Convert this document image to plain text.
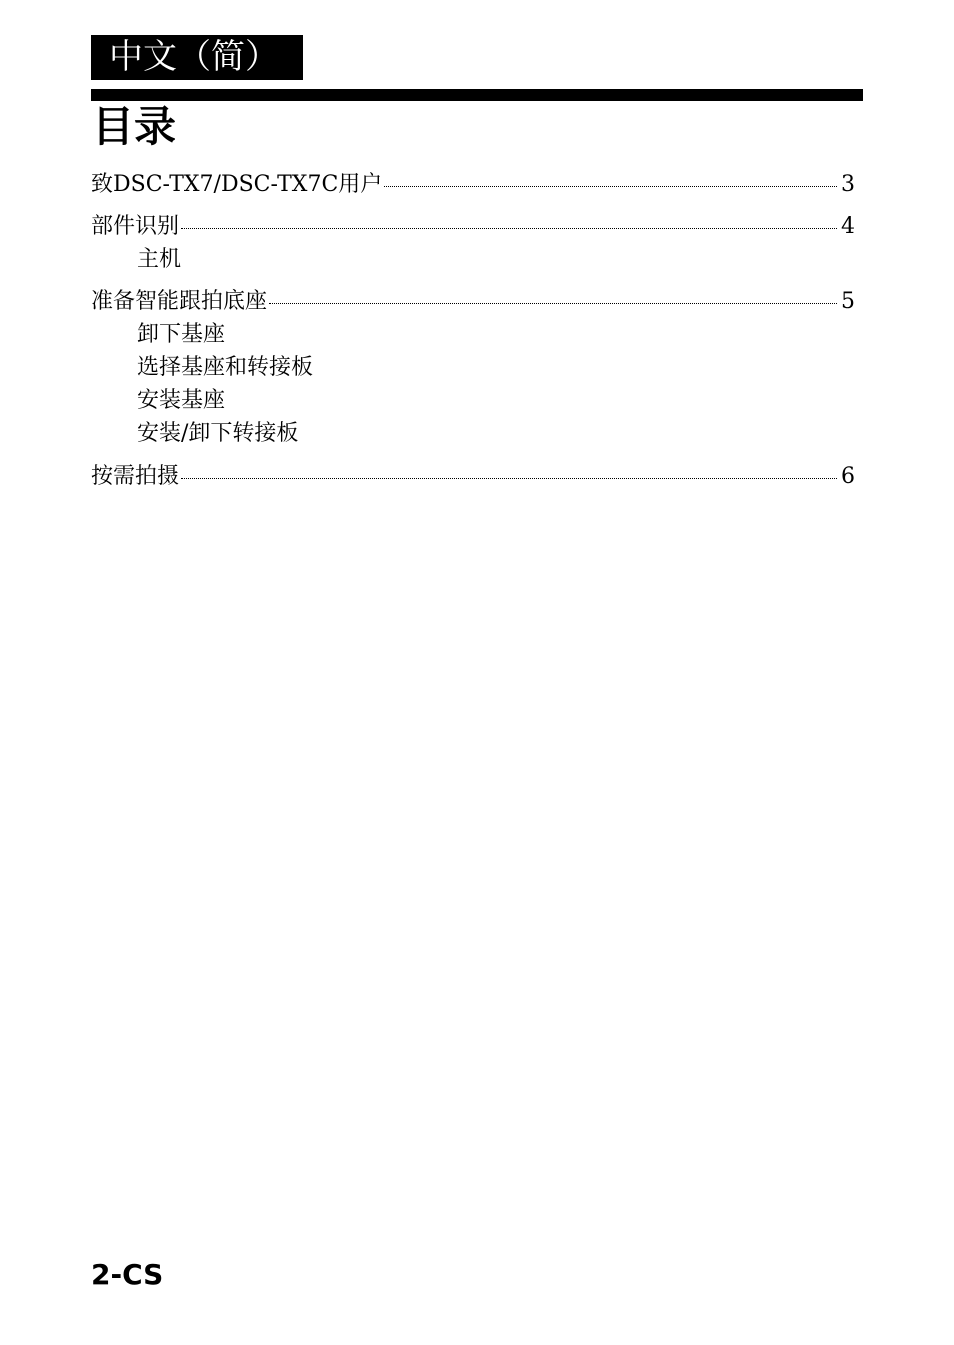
中文（简）
目录
致DSC-TX7/DSC-TX7C用户	3
部件识别	4
主机
准备智能跟拍底座	5
卸下基座
选择基座和转接板
安装基座
安装/卸下转接板
按需拍摄	6
2-CS
